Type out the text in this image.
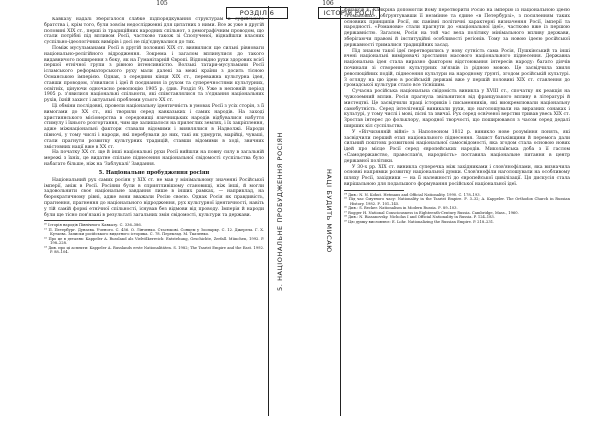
105
РОЗДІЛ 6
5. НАЦІОНАЛЬНЕ ПРОБУДЖЕННЯ РОСІЯН

Кавказу надалі зберігалося слабке підпорядкування структурам її суфійського братства і, крім того, були зовсім недослідженні для цитатних з ними. Все ж уже в другій половині XIX ст., перші із традиційних народних спільнот, з демографічним проводом, що стали потрібні під впливом Росії, частково також зі Сполученої, віднайшли власних суспільно-ідеологічних вимірів і досі не під'єднувалися до тих.

Поміж мусульманами Росії в другій половині XIX ст. виявилися ще сильні рівноваги національно-релігійного відродження. Зокрема і загалом вплинулися до такого видавничого поширення з боку, як на Гуманітарній Європі. Відповідно рухи здорових всієї першої етнічної групи з рівною інтенсивністю. Волзькі татари-мусульмани Росії ісламського реформаторського руху мали далекі за межі країни з досить тісною Османською імперією. Однак, з середини кінця XIX ст., переважна культурна ідея, ставши проводом, з'явилися і ідеї й поєднання із рухом та суперечностями культурних, освітніх, цінуючи одночасно революцію 1905 р. (див. Розділ 9). Уже в неповній період 1905 р. з'явилися національні спільноти, які співставлялися та з'єднання національних рухів, їхній захист і актуальні проблеми усього XX ст.

Ці обміни послідовні, провели національну ідентичність в умовах Росії з усіх сторін, з її вимогами до XX ст., які творили серед кавказьких і самих народів. На заході християнського місіонерства в середовищі язичницьких народів відбувалися набуття стимулу і їхнього розгортання, чим ще залишалося на прилеглих землях, і їх закріплення, адже міжнаціональні фактори ставали відомими і виявлялися в Надволжі. Народи півночі, у тому числі і народи, які перебували до них, такі як удмурти, марійці, чуваші, стали прагнути розвитку культурних традицій, ставши відомими в ході, звичних змістовних нації вже в ХХ ст.

На початку XX ст. ще й інші національні рухи Росії вийшли на повну силу в загальній мережі з їхніх, це видатне спільне піднесення національної свідомості суспільства було набагато більше, ніж на 'Заблукалі' Завдання.

5. Національне пробудження росіян

Національний рух самих росіян у XIX ст. не мав у мінімальному значенні Російської імперії, аніж в Росії. Росіяни були в сприятливішому становищі, ніж інші, й могли задовольнити своє національне завдання лише в інших рамках, — наприклад, на бюрократичному рівні, адже вони вважали Росію своєю. Однак Росія як правдивість, прагнення, прагнення до національного відродження, рух культурної ідентичності, навіть у тій самій формі етнічної спільності, існував без відмови від проводу. Імперія й народи були ще тісно пов'язані в результаті загальних змін свідомості, культури та держави.

²⁰ Історія народів Північного Кавказу. С. 336–386.

²¹ П. Петербург. Дунаєва. Ученого. С. 456. О. Лінченко. Стасюкові. Сонцем у Зоопарку. С. 12. Джерела. Г. Х. Кутаєва. Записки російського видатного історика. С. 78. Переклад. М. Ткаченко.

²² Про це в деталях: Kappeler A. Russland als Vielvölkerreich: Entstehung, Geschichte, Zerfall. München, 1992. P. 198–228.

²³ Див. про ці аспекти: Kappeler A. Russlands erste Nationalitäten. S. 1982; The Tsarist Empire and the East. 1992. P. 88–104.

106
ІСТОРІЯ РОСІЇ
НАЦІ БУДИТЬ МИСАЮ

фінансів Е. Канкріна допомогли йому перетворити Росію на імперію із національною ідеєю «Романових», обґрунтувавши її незмінне та єдине «в Петербурзі», з посиленням таких основних принципів Росії, як панівні політичні характерні визначення Росії, імперії та народності. «Романови» стали прагнути до «національної ідеї», частково вже із першою державністю. Загалом, Росія на той час вела політику мінімального впливу держави, зберігаючи правові й інституційні особливості регіонів. Тому за новою ідеєю російської державності трималися традиційних засад.

Під знаком такої ідеї перетворились у нову сутність сама Росія, Пушкінський та інші вчені національні вимірювачі зростання масового національного піднесення. Державна національна ідея стала виразно фактором відстоювання інтересів народу: багато діячів починали зі створення культурних зв'язків із рідною мовою. Це засвідчила хвиля революційних подій, піднесення культури на народному ґрунті, згодом російській культурі. З огляду на цю ідею в російській державі вже у першій половині XIX ст. ставлення до громадської культури стало все тіснішим.

Сучасна російська національна свідомість виникла у XVIII ст., спочатку як реакція на чужоземний вплив. Росія прагнула звільнитися від французького впливу в літературі й мистецтві. Це засвідчили праці істориків і письменників, які виокремлювали національну самобутність. Серед інтелігенції виникали рухи, що наголошували на виразних ознаках і культурі, у тому числі і мові, пісні та звичаї. Рух серед освіченої верстви тривав увесь XIX ст. Зростав інтерес до фольклору, народної творчості, що поширювався з часом серед дедалі ширших кіл суспільства.

У «Вітчизняній війні» з Наполеоном 1812 р. виникло нове розуміння понять, які засвідчили перший етап національного піднесення. Захист батьківщини й перемога дали сильний поштовх розвиткові національної самосвідомості, яка згодом стала основою нових ідей про місце Росії серед європейських народів. Миколаївська доба з її гаслом «Самодержавство, православ'я, народність» поставила національне питання в центр державної політики.

У 30-х рр. XIX ст. виникла суперечка між західниками і слов'янофілами, яка визначила основні напрямки розвитку національної думки. Слов'янофіли наголошували на особливому шляху Росії, західники — на її належності до європейської цивілізації. Ця дискусія стала вирішальною для подальшого формування російської національної ідеї.

²⁴ Див.: N. N. Kohut. Hetmans and Official Nationality. 1990. С. 178–193.

²⁵ Під час Смутного часу: Nationality in the Tsarist Empire. Р. 3–32; A. Kappeler. The Orthodox Church in Russian History. 1982. Р. 101–145.

²⁶ Див.: S. Becker. Nationalism in Modern Russia. Р. 89–103.

²⁷ Rogger H. National Consciousness in Eighteenth-Century Russia. Cambridge, Mass., 1960.

²⁸ Див.: N. Riasanovsky. Nicholas I and Official Nationality in Russia. P. 124–183.

²⁹ Цю думку висловлює: E. Lohr. Nationalizing the Russian Empire. P. 218–231.
